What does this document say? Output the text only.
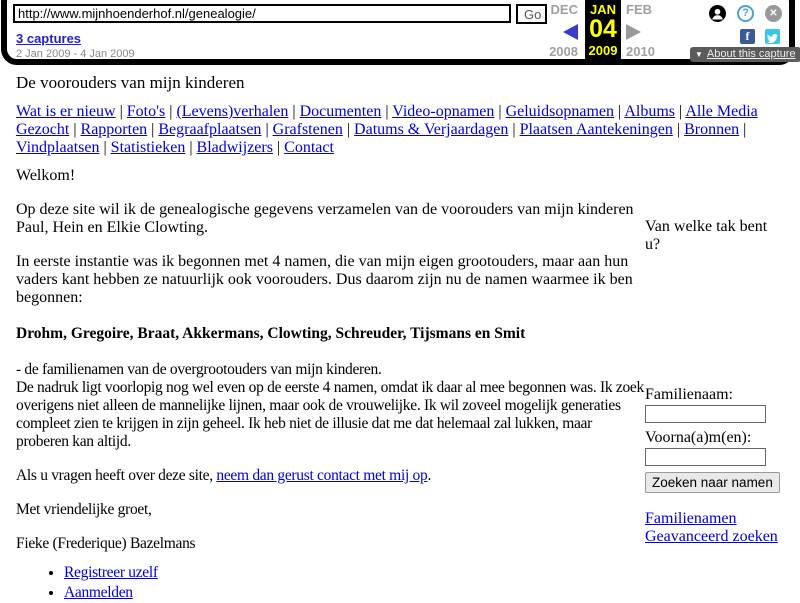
http://www.mijnhoenderhof.nl/genealogie/
Go
3 captures
2 Jan 2009 - 4 Jan 2009
DEC	FEB
2008	2010
JAN
04
2009
?	✕
f
▼ About this capture
De voorouders van mijn kinderen

Wat is er nieuw | Foto's | (Levens)verhalen | Documenten | Video-opnamen | Geluidsopnamen | Albums | Alle Media Gezocht | Rapporten | Begraafplaatsen | Grafstenen | Datums & Verjaardagen | Plaatsen Aantekeningen | Bronnen | Vindplaatsen | Statistieken | Bladwijzers | Contact

Welkom!
Op deze site wil ik de genealogische gegevens verzamelen van de voorouders van mijn kinderen Paul, Hein en Elkie Clowting.
In eerste instantie was ik begonnen met 4 namen, die van mijn eigen grootouders, maar aan hun vaders kant hebben ze natuurlijk ook voorouders. Dus daarom zijn nu de namen waarmee ik ben begonnen:
Drohm, Gregoire, Braat, Akkermans, Clowting, Schreuder, Tijsmans en Smit
- de familienamen van de overgrootouders van mijn kinderen.
De nadruk ligt voorlopig nog wel even op de eerste 4 namen, omdat ik daar al mee begonnen was. Ik zoek overigens niet alleen de mannelijke lijnen, maar ook de vrouwelijke. Ik wil zoveel mogelijk generaties compleet zien te krijgen in zijn geheel. Ik heb niet de illusie dat me dat helemaal zal lukken, maar proberen kan altijd.
Als u vragen heeft over deze site, neem dan gerust contact met mij op.
Met vriendelijke groet,
Fieke (Frederique) Bazelmans
• Registreer uzelf
• Aanmelden
Van welke tak bent u?
Familienaam:
Voorna(a)m(en):
Zoeken naar namen
Familienamen Geavanceerd zoeken
